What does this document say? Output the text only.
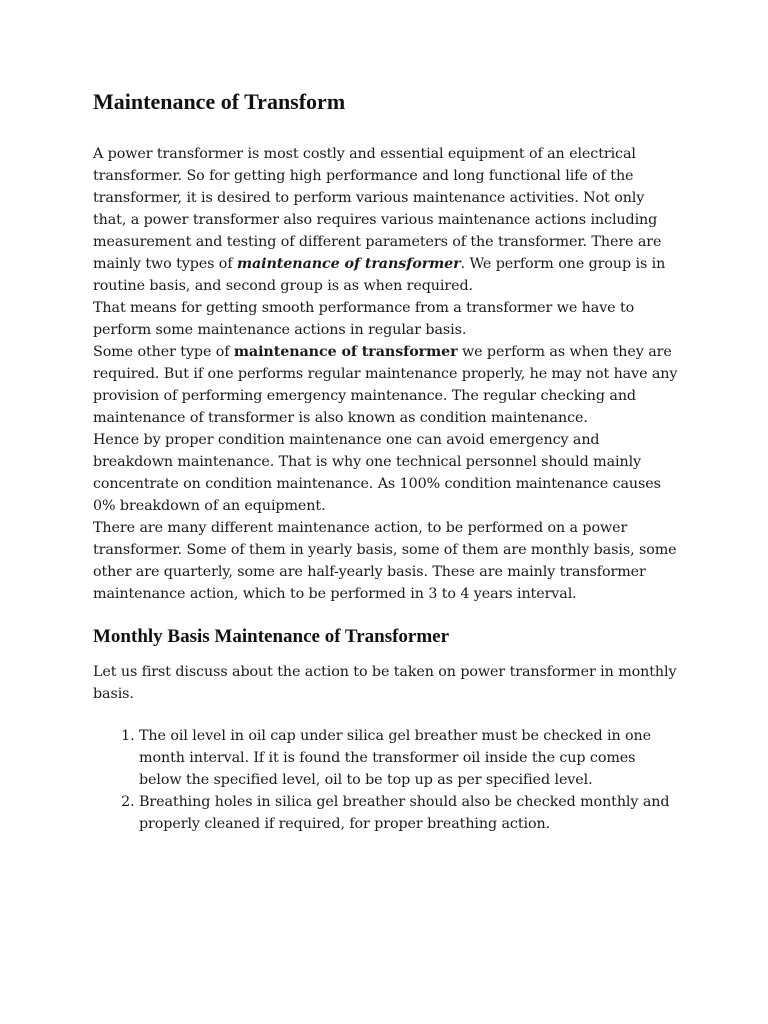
Maintenance of Transform

A power transformer is most costly and essential equipment of an electrical transformer. So for getting high performance and long functional life of the transformer, it is desired to perform various maintenance activities. Not only that, a power transformer also requires various maintenance actions including measurement and testing of different parameters of the transformer. There are mainly two types of maintenance of transformer. We perform one group is in routine basis, and second group is as when required.

That means for getting smooth performance from a transformer we have to perform some maintenance actions in regular basis.

Some other type of maintenance of transformer we perform as when they are required. But if one performs regular maintenance properly, he may not have any provision of performing emergency maintenance. The regular checking and maintenance of transformer is also known as condition maintenance.

Hence by proper condition maintenance one can avoid emergency and breakdown maintenance. That is why one technical personnel should mainly concentrate on condition maintenance. As 100% condition maintenance causes 0% breakdown of an equipment.

There are many different maintenance action, to be performed on a power transformer. Some of them in yearly basis, some of them are monthly basis, some other are quarterly, some are half-yearly basis. These are mainly transformer maintenance action, which to be performed in 3 to 4 years interval.

Monthly Basis Maintenance of Transformer

Let us first discuss about the action to be taken on power transformer in monthly basis.

1. The oil level in oil cap under silica gel breather must be checked in one month interval. If it is found the transformer oil inside the cup comes below the specified level, oil to be top up as per specified level.
2. Breathing holes in silica gel breather should also be checked monthly and properly cleaned if required, for proper breathing action.
